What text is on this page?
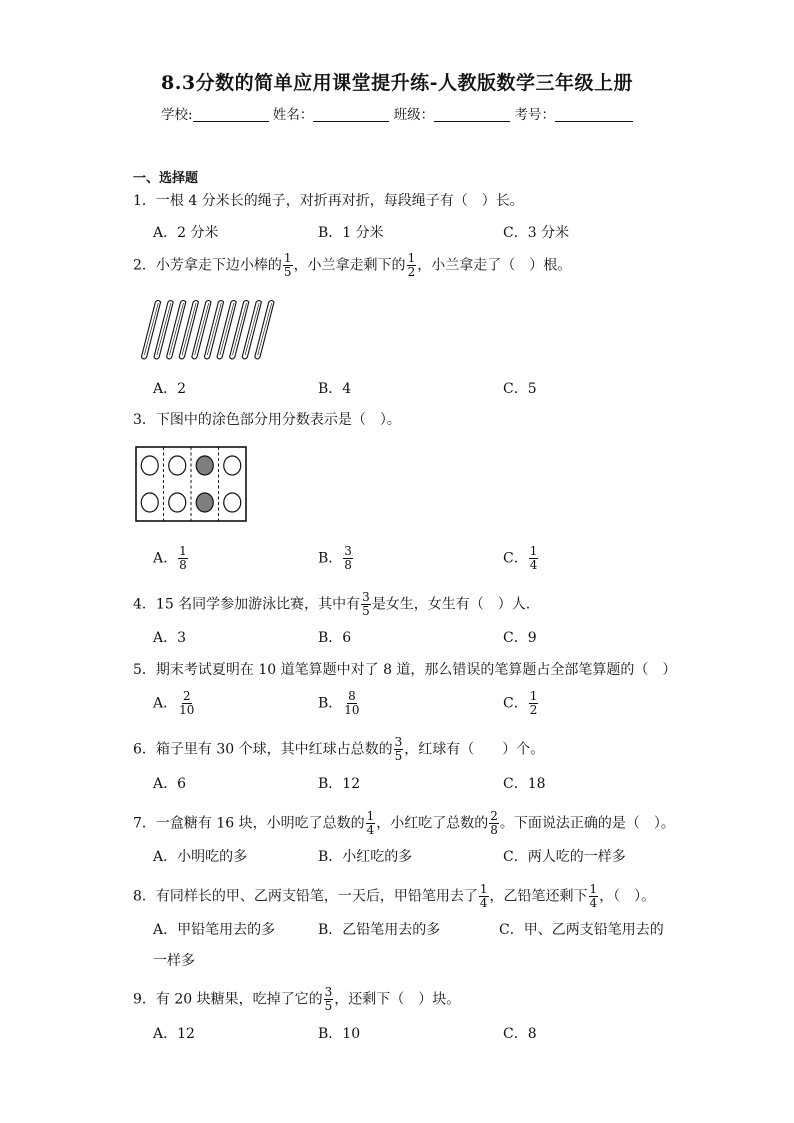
8.3分数的简单应用课堂提升练-人教版数学三年级上册
学校:	姓名：	班级：	考号：
一、选择题
1．一根 4 分米长的绳子，对折再对折，每段绳子有（　）长。
A．2 分米	B．1 分米	C．3 分米
2．小芳拿走下边小棒的 $\frac{1}{5}$ ，小兰拿走剩下的 $\frac{1}{2}$ ，小兰拿走了（　）根。
A．2	B．4	C．5
3．下图中的涂色部分用分数表示是（　）。
A． $\frac{1}{8}$	B． $\frac{3}{8}$	C． $\frac{1}{4}$
4．15 名同学参加游泳比赛，其中有 $\frac{3}{5}$ 是女生，女生有（　）人.
A．3	B．6	C．9
5．期末考试夏明在 10 道笔算题中对了 8 道，那么错误的笔算题占全部笔算题的（　）
A． $\frac{2}{10}$	B． $\frac{8}{10}$	C． $\frac{1}{2}$
6．箱子里有 30 个球，其中红球占总数的 $\frac{3}{5}$ ，红球有（　　）个。
A．6	B．12	C．18
7．一盒糖有 16 块，小明吃了总数的 $\frac{1}{4}$ ，小红吃了总数的 $\frac{2}{8}$ 。下面说法正确的是（　）。
A．小明吃的多	B．小红吃的多	C．两人吃的一样多
8．有同样长的甲、乙两支铅笔，一天后，甲铅笔用去了 $\frac{1}{4}$ ，乙铅笔还剩下 $\frac{1}{4}$ ，（　）。
A．甲铅笔用去的多	B．乙铅笔用去的多	C．甲、乙两支铅笔用去的
一样多
9．有 20 块糖果，吃掉了它的 $\frac{3}{5}$ ，还剩下（　）块。
A．12	B．10	C．8
